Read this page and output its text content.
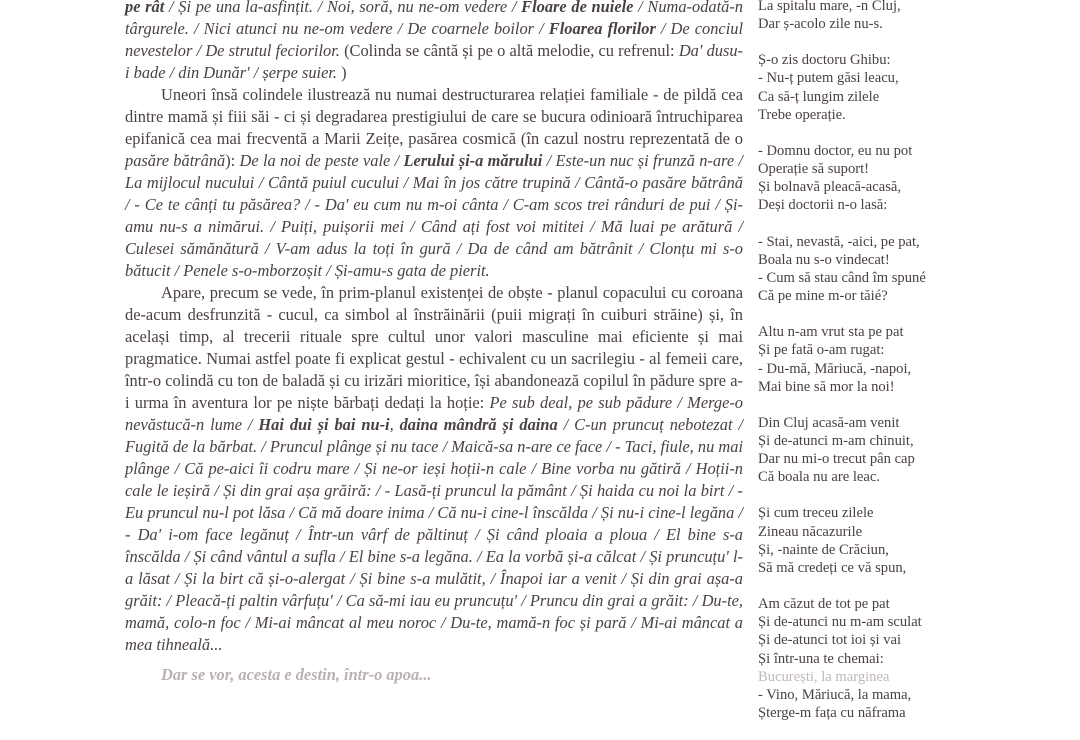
pe rât / Și pe una la-asfințit. / Noi, soră, nu ne-om vedere / Floare de nuiele / Numa-odată-n târgurele. / Nici atunci nu ne-om vedere / De coarnele boilor / Floarea florilor / De conciul nevestelor / De strutul feciorilor. (Colinda se cântă și pe o altă melodie, cu refrenul: Da' dusu-i bade / din Dunăr' / șerpe suier. )

Uneori însă colindele ilustrează nu numai destructurarea relației familiale - de pildă cea dintre mamă și fiii săi - ci și degradarea prestigiului de care se bucura odinioară întruchiparea epifanică cea mai frecventă a Marii Zeițe, pasărea cosmică (în cazul nostru reprezentată de o pasăre bătrână): De la noi de peste vale / Lerului și-a mărului / Este-un nuc și frunză n-are / La mijlocul nucului / Cântă puiul cucului / Mai în jos către trupină / Cântă-o pasăre bătrână / - Ce te cânți tu păsărea? / - Da' eu cum nu m-oi cânta / C-am scos trei rânduri de pui / Și-amu nu-s a nimărui. / Puiți, puișorii mei / Când ați fost voi mititei / Mă luai pe arătură / Culesei sămănătură / V-am adus la toți în gură / Da de când am bătrânit / Clonțu mi s-o bătucit / Penele s-o-mborzoșit / Și-amu-s gata de pierit.

Apare, precum se vede, în prim-planul existenței de obște - planul copacului cu coroana de-acum desfrunzită - cucul, ca simbol al înstrăinării (puii migrați în cuiburi străine) și, în același timp, al trecerii rituale spre cultul unor valori masculine mai eficiente și mai pragmatice. Numai astfel poate fi explicat gestul - echivalent cu un sacrilegiu - al femeii care, într-o colindă cu ton de baladă și cu irizări mioritice, își abandonează copilul în pădure spre a-i urma în aventura lor pe niște bărbați dedați la hoție: Pe sub deal, pe sub pădure / Merge-o nevăstucă-n lume / Hai dui și bai nu-i, daina mândră și daina / C-un pruncuț nebotezat / Fugită de la bărbat. / Pruncul plânge și nu tace / Maică-sa n-are ce face / - Taci, fiule, nu mai plânge / Că pe-aici îi codru mare / Și ne-or ieși hoții-n cale / Bine vorba nu gătiră / Hoții-n cale le ieșiră / Și din grai așa grăiră: / - Lasă-ți pruncul la pământ / Și haida cu noi la birt / - Eu pruncul nu-l pot lăsa / Că mă doare inima / Că nu-i cine-l înscălda / Și nu-i cine-l legăna / - Da' i-om face legănuț / Într-un vârf de păltinuț / Și când ploaia a ploua / El bine s-a înscălda / Și când vântul a sufla / El bine s-a legăna. / Ea la vorbă și-a călcat / Și pruncuțu' l-a lăsat / Și la birt că și-o-alergat / Și bine s-a mulătit, / Înapoi iar a venit / Și din grai așa-a grăit: / Pleacă-ți paltin vârfuțu' / Ca să-mi iau eu pruncuțu' / Pruncu din grai a grăit: / Du-te, mamă, colo-n foc / Mi-ai mâncat al meu noroc / Du-te, mamă-n foc și pară / Mi-ai mâncat a mea tihneală...

La spitalu mare, -n Cluj,
Dar ș-acolo zile nu-s.
Ș-o zis doctoru Ghibu:
- Nu-ț putem găsi leacu,
Ca să-ț lungim zilele
Trebe operație.
- Domnu doctor, eu nu pot
Operație să suport!
Și bolnavă pleacă-acasă,
Deși doctorii n-o lasă:
- Stai, nevastă, -aici, pe pat,
Boala nu s-o vindecat!
- Cum să stau când îm spuné
Că pe mine m-or tăié?
Altu n-am vrut sta pe pat
Și pe fată o-am rugat:
- Du-mă, Măriucă, -napoi,
Mai bine să mor la noi!
Din Cluj acasă-am venit
Și de-atunci m-am chinuit,
Dar nu mi-o trecut pân cap
Că boala nu are leac.
Și cum treceu zilele
Zineau năcazurile
Și, -nainte de Crăciun,
Să mă credeți ce vă spun,
Am căzut de tot pe pat
Și de-atunci nu m-am sculat
Și de-atunci tot ioi și vai
Și într-una te chemai:
- Vino, Măriucă, la mama,
Șterge-m fața cu năframa
Dar se vor, acesta e destin, într-o apoa...	București, la marginea
